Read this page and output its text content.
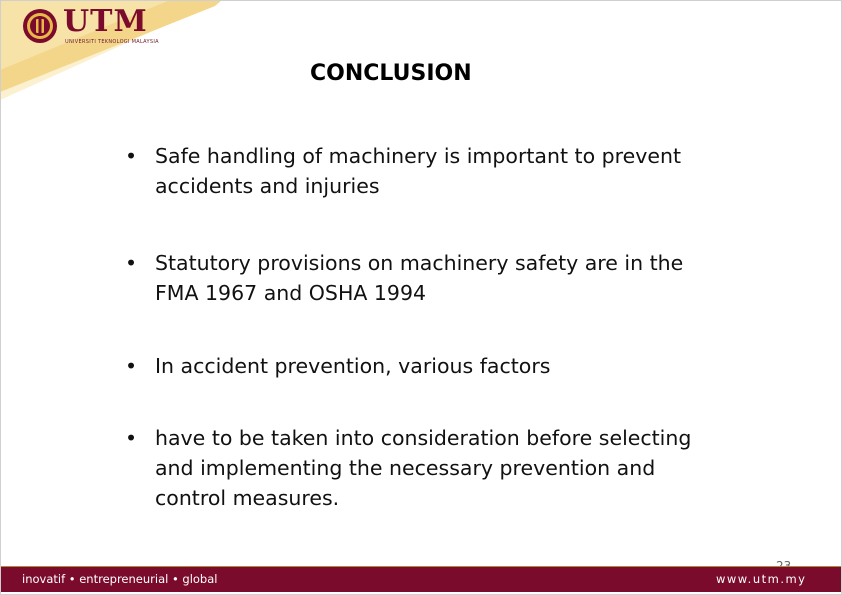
UTM
UNIVERSITI TEKNOLOGI MALAYSIA
CONCLUSION
• Safe handling of machinery is important to prevent accidents and injuries
• Statutory provisions on machinery safety are in the FMA 1967 and OSHA 1994
• In accident prevention, various factors
• have to be taken into consideration before selecting and implementing the necessary prevention and control measures.
inovatif • entrepreneurial • global	www.utm.my
